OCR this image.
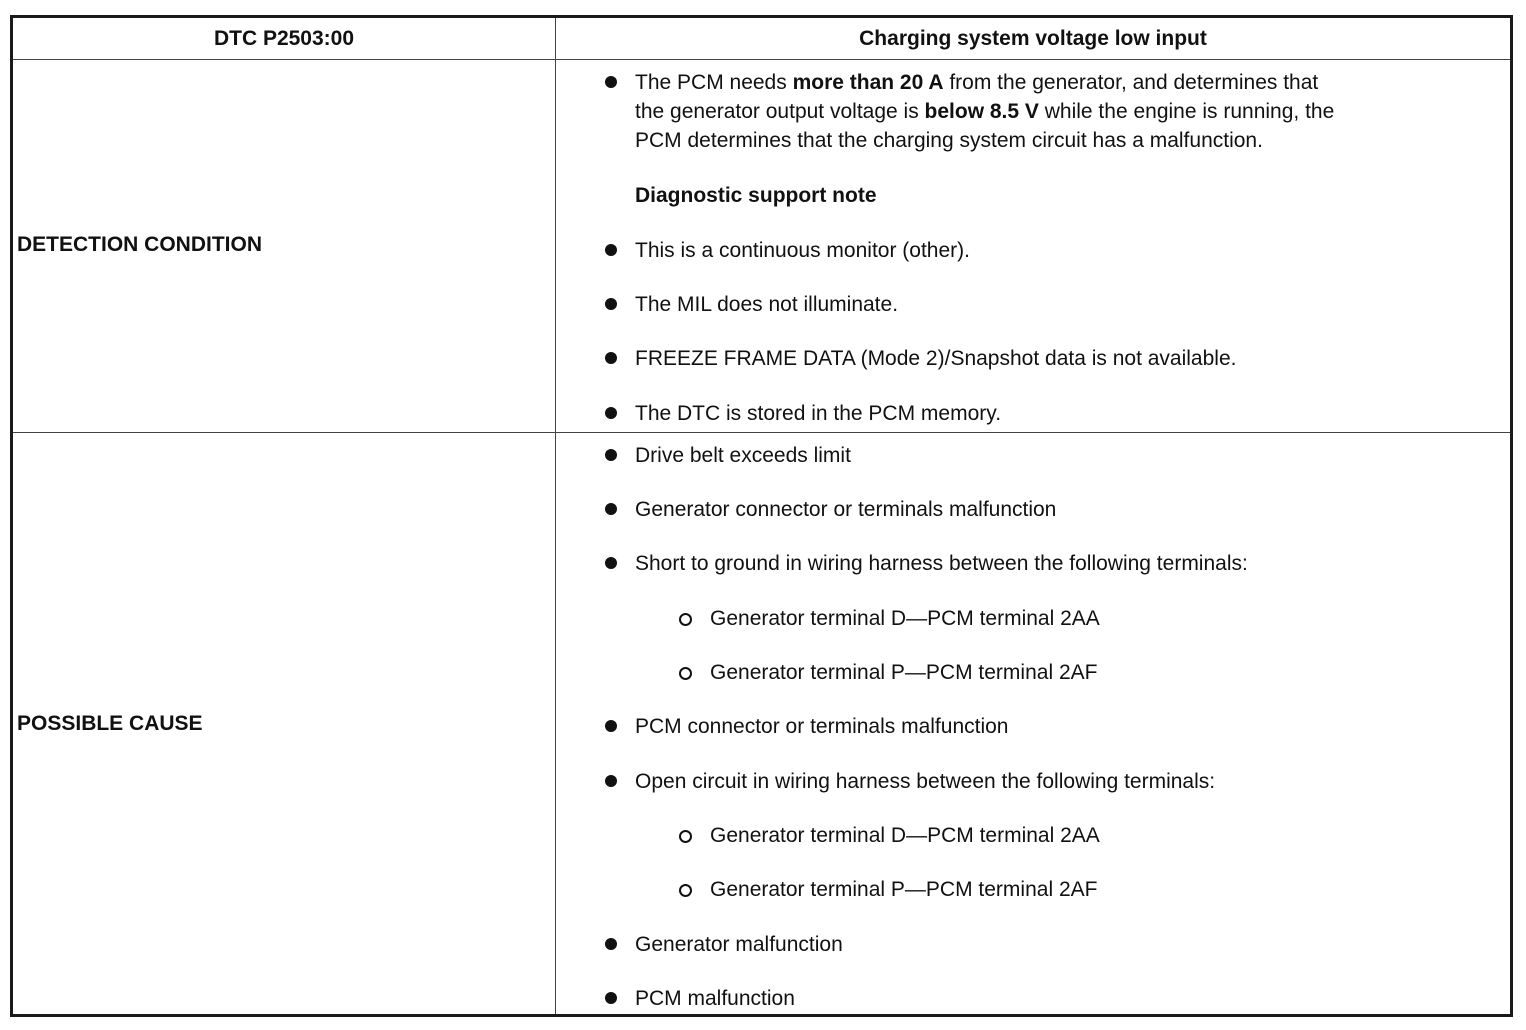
DTC P2503:00	Charging system voltage low input
DETECTION CONDITION
The PCM needs more than 20 A from the generator, and determines that
the generator output voltage is below 8.5 V while the engine is running, the
PCM determines that the charging system circuit has a malfunction.
Diagnostic support note
This is a continuous monitor (other).
The MIL does not illuminate.
FREEZE FRAME DATA (Mode 2)/Snapshot data is not available.
The DTC is stored in the PCM memory.
POSSIBLE CAUSE
Drive belt exceeds limit
Generator connector or terminals malfunction
Short to ground in wiring harness between the following terminals:
Generator terminal D—PCM terminal 2AA
Generator terminal P—PCM terminal 2AF
PCM connector or terminals malfunction
Open circuit in wiring harness between the following terminals:
Generator terminal D—PCM terminal 2AA
Generator terminal P—PCM terminal 2AF
Generator malfunction
PCM malfunction
